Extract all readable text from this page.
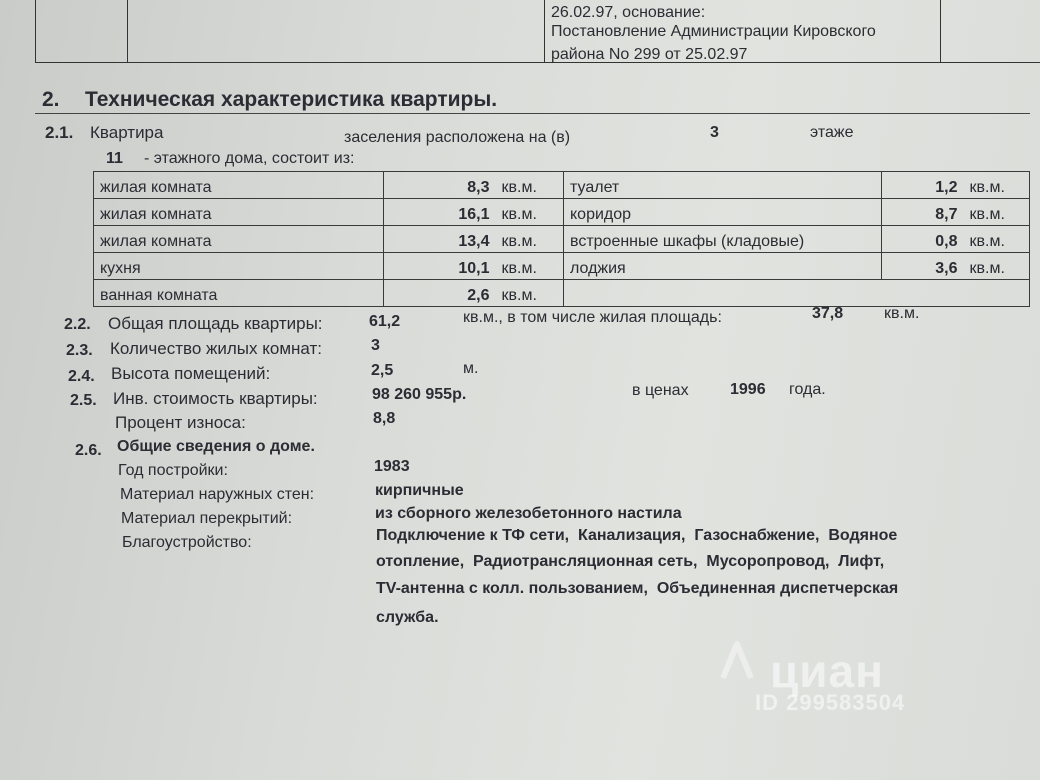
26.02.97, основание:
Постановление Администрации Кировского
района No 299 от 25.02.97
2. Техническая характеристика квартиры.
2.1. Квартира	заселения расположена на (в)	3	этаже
11 - этажного дома, состоит из:
жилая комната	8,3	кв.м.	туалет	1,2	кв.м.
жилая комната	16,1	кв.м.	коридор	8,7	кв.м.
жилая комната	13,4	кв.м.	встроенные шкафы (кладовые)	0,8	кв.м.
кухня	10,1	кв.м.	лоджия	3,6	кв.м.
ванная комната	2,6	кв.м.			
2.2. Общая площадь квартиры:	61,2	кв.м., в том числе жилая площадь:	37,8	кв.м.
2.3. Количество жилых комнат:	3
2.4. Высота помещений:	2,5	м.
2.5. Инв. стоимость квартиры:	98 260 955р.	в ценах	1996 года.
Процент износа:	8,8
2.6. Общие сведения о доме.
Год постройки:	1983
Материал наружных стен:	кирпичные
Материал перекрытий:	из сборного железобетонного настила
Благоустройство:	Подключение к ТФ сети,  Канализация,  Газоснабжение,  Водяное
отопление,  Радиотрансляционная сеть,  Мусоропровод,  Лифт,
TV-антенна с колл. пользованием,  Объединенная диспетчерская
служба.
циан
ID 299583504
